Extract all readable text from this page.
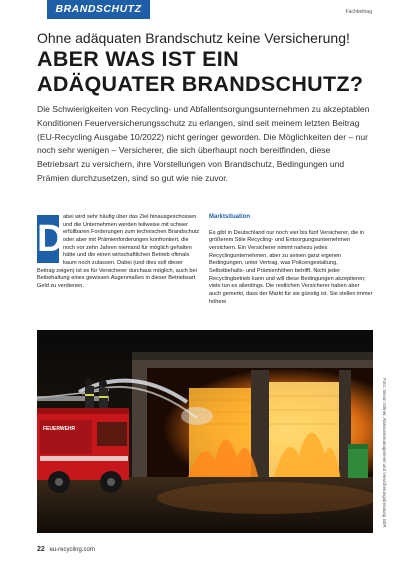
BRANDSCHUTZ	Fachbeitrag
Ohne adäquaten Brandschutz keine Versicherung!
ABER WAS IST EIN ADÄQUATER BRANDSCHUTZ?
Die Schwierigkeiten von Recycling- und Abfallentsorgungsunternehmen zu akzeptablen Konditionen Feuerversicherungsschutz zu erlangen, sind seit meinem letzten Beitrag (EU-Recycling Ausgabe 10/2022) nicht geringer geworden. Die Möglichkeiten der – nur noch sehr wenigen – Versicherer, die sich überhaupt noch bereitfinden, diese Betriebsart zu versichern, ihre Vorstellungen von Brandschutz, Bedingungen und Prämien durchzusetzen, sind so gut wie nie zuvor.
D
abei wird sehr häufig über das Ziel hinausgeschossen und die Unternehmen werden teilweise mit schwer erfüllbaren Forderungen zum technischen Brandschutz oder aber mit Prämienforderungen konfrontiert, die noch vor zehn Jahren niemand für möglich gehalten hätte und die einen wirtschaftlichen Betrieb oftmals kaum noch zulassen. Dabei (und dies soll dieser Beitrag zeigen) ist es für Versicherer durchaus möglich, auch bei Beibehaltung eines gewissen Augenmaßes in dieser Betriebsart Geld zu verdienen.
Marktsituation
Es gibt in Deutschland nur noch vier bis fünf Versicherer, die in größerem Stile Recycling- und Entsorgungsunternehmen versichern. Ein Versicherer nimmt nahezu jedes Recyclingunternehmen, aber zu seinen ganz eigenen Bedingungen, unter Vertrag, was Policengestaltung, Selbstbehalts- und Prämienhöhen betrifft. Nicht jeder Recyclingbetrieb kann und will diese Bedingungen akzeptieren; viele tun es allerdings. Die restlichen Versicherer haben aber auch gemerkt, dass der Markt für sie günstig ist. Sie stellen immer höhere
FEUERWEHR	Foto: Simon Sittner, Abwassermanagement und Versicherungsberatung GbR
22 eu-recycling.com
